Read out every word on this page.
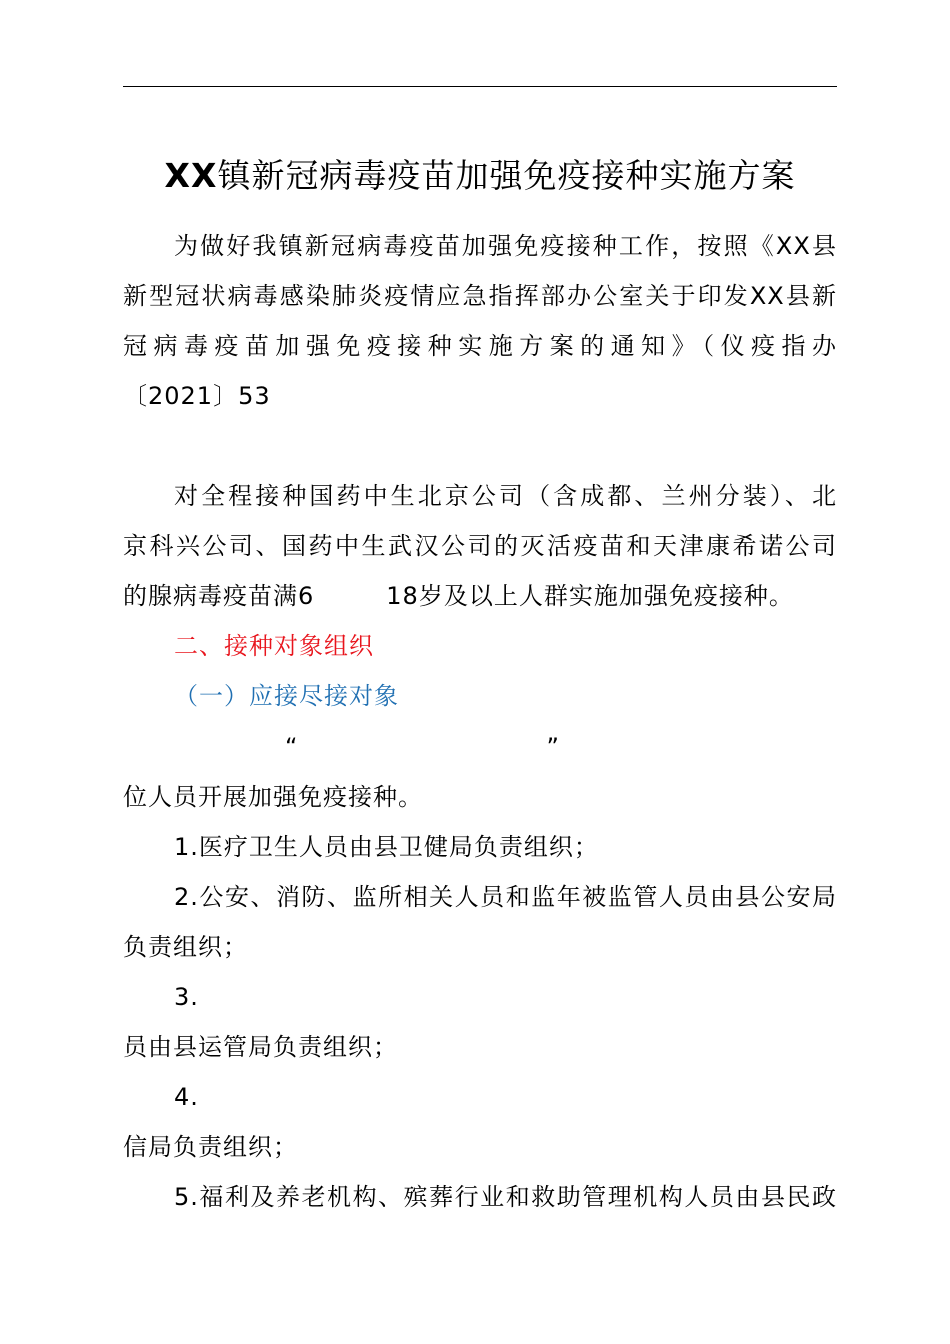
XX镇新冠病毒疫苗加强免疫接种实施方案
为做好我镇新冠病毒疫苗加强免疫接种工作，按照《XX县
新型冠状病毒感染肺炎疫情应急指挥部办公室关于印发XX县新
冠病毒疫苗加强免疫接种实施方案的通知》（仪疫指办
〔2021〕53
对全程接种国药中生北京公司（含成都、兰州分装）、北
京科兴公司、国药中生武汉公司的灭活疫苗和天津康希诺公司
的腺病毒疫苗满6	18岁及以上人群实施加强免疫接种。
二、接种对象组织
（一）应接尽接对象
“	”
位人员开展加强免疫接种。
1.医疗卫生人员由县卫健局负责组织；
2.公安、消防、监所相关人员和监年被监管人员由县公安局
负责组织；
3.
员由县运管局负责组织；
4.
信局负责组织；
5.福利及养老机构、殡葬行业和救助管理机构人员由县民政
